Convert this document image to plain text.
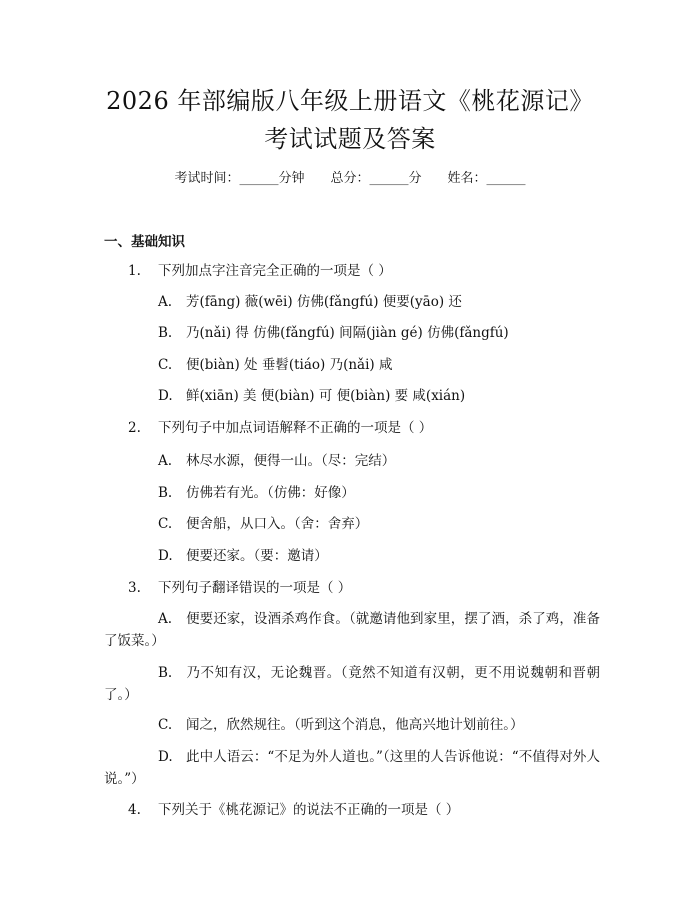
2026 年部编版八年级上册语文《桃花源记》
考试试题及答案
考试时间：______分钟 总分：______分 姓名：______
一、基础知识
1. 下列加点字注音完全正确的一项是（ ）
A. 芳(fāng) 薇(wēi) 仿佛(fǎngfú) 便要(yāo) 还
B. 乃(nǎi) 得 仿佛(fǎngfú) 间隔(jiàn gé) 仿佛(fǎngfú)
C. 便(biàn) 处 垂髫(tiáo) 乃(nǎi) 咸
D. 鲜(xiān) 美 便(biàn) 可 便(biàn) 要 咸(xián)
2. 下列句子中加点词语解释不正确的一项是（ ）
A. 林尽水源，便得一山。（尽：完结）
B. 仿佛若有光。（仿佛：好像）
C. 便舍船，从口入。（舍：舍弃）
D. 便要还家。（要：邀请）
3. 下列句子翻译错误的一项是（ ）
A. 便要还家，设酒杀鸡作食。（就邀请他到家里，摆了酒，杀了鸡，准备了饭菜。）
B. 乃不知有汉，无论魏晋。（竟然不知道有汉朝，更不用说魏朝和晋朝了。）
C. 闻之，欣然规往。（听到这个消息，他高兴地计划前往。）
D. 此中人语云：“不足为外人道也。”（这里的人告诉他说：“不值得对外人说。”）
4. 下列关于《桃花源记》的说法不正确的一项是（ ）
